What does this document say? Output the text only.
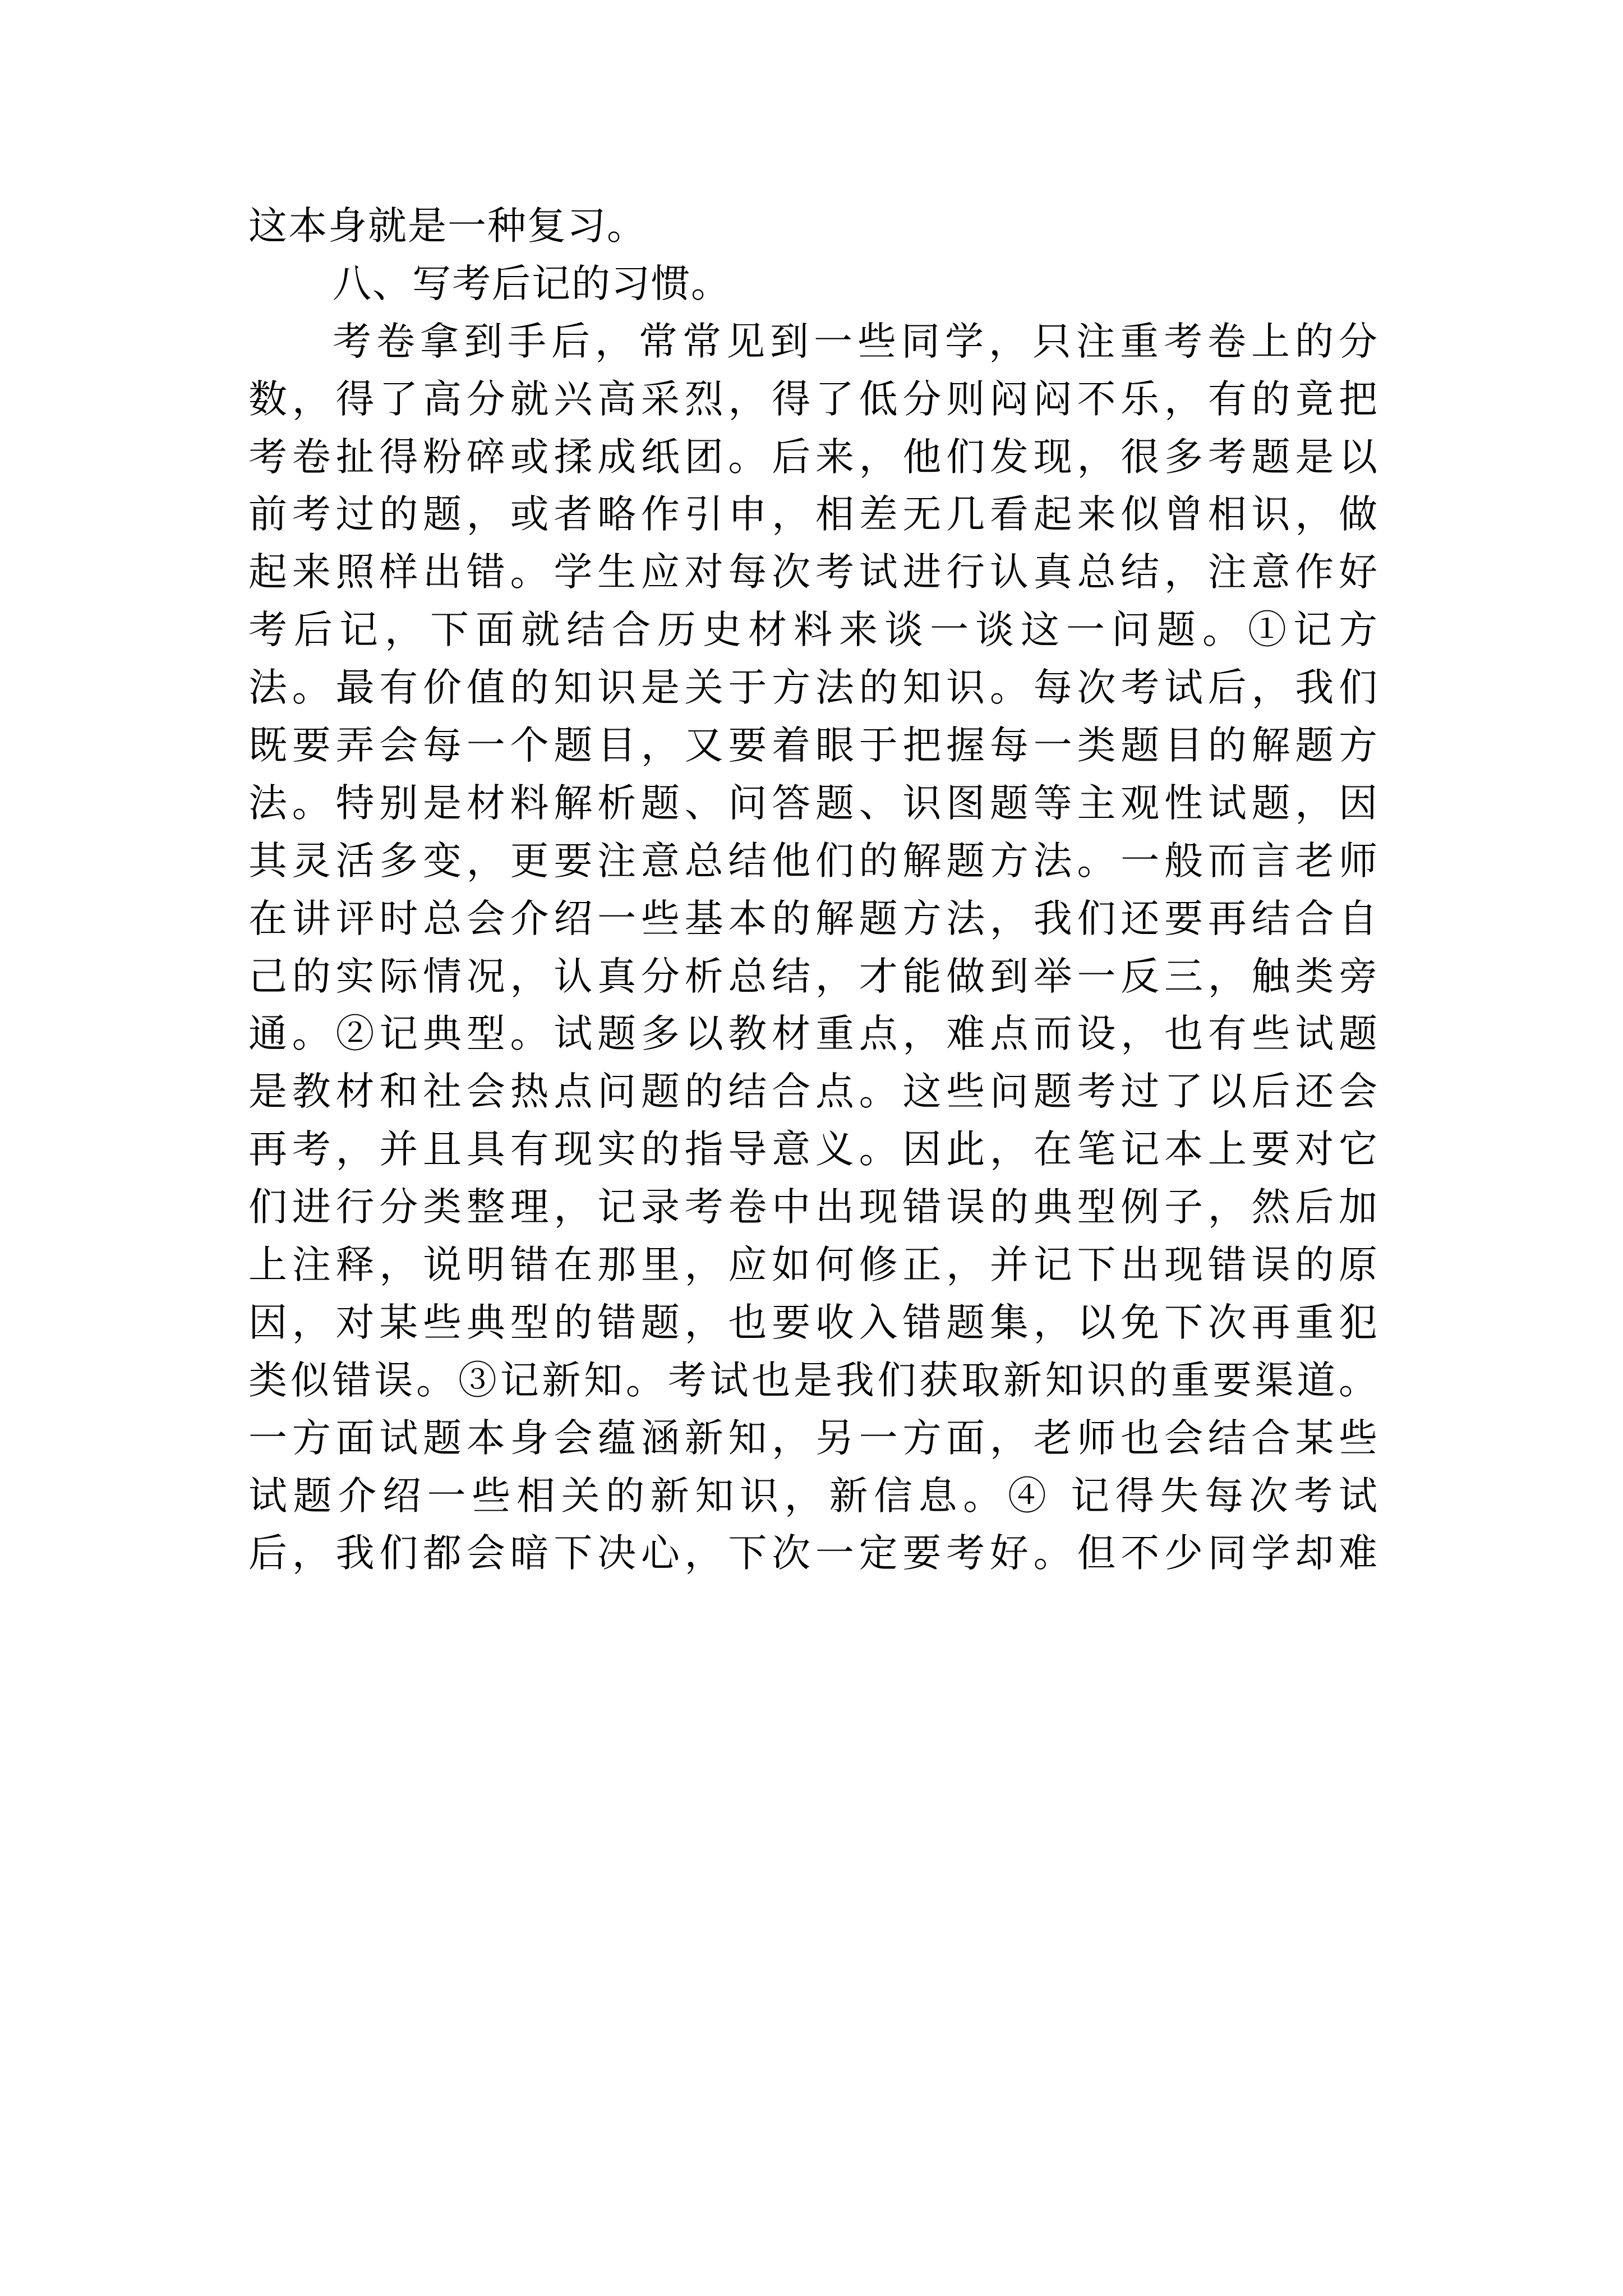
这本身就是一种复习。
八、写考后记的习惯。
考卷拿到手后，常常见到一些同学，只注重考卷上的分
数，得了高分就兴高采烈，得了低分则闷闷不乐，有的竟把
考卷扯得粉碎或揉成纸团。后来，他们发现，很多考题是以
前考过的题，或者略作引申，相差无几看起来似曾相识，做
起来照样出错。学生应对每次考试进行认真总结，注意作好
考后记，下面就结合历史材料来谈一谈这一问题。①记方
法。最有价值的知识是关于方法的知识。每次考试后，我们
既要弄会每一个题目，又要着眼于把握每一类题目的解题方
法。特别是材料解析题、问答题、识图题等主观性试题，因
其灵活多变，更要注意总结他们的解题方法。一般而言老师
在讲评时总会介绍一些基本的解题方法，我们还要再结合自
己的实际情况，认真分析总结，才能做到举一反三，触类旁
通。②记典型。试题多以教材重点，难点而设，也有些试题
是教材和社会热点问题的结合点。这些问题考过了以后还会
再考，并且具有现实的指导意义。因此，在笔记本上要对它
们进行分类整理，记录考卷中出现错误的典型例子，然后加
上注释，说明错在那里，应如何修正，并记下出现错误的原
因，对某些典型的错题，也要收入错题集，以免下次再重犯
类似错误。③记新知。考试也是我们获取新知识的重要渠道。
一方面试题本身会蕴涵新知，另一方面，老师也会结合某些
试题介绍一些相关的新知识，新信息。④ 记得失每次考试
后，我们都会暗下决心，下次一定要考好。但不少同学却难
